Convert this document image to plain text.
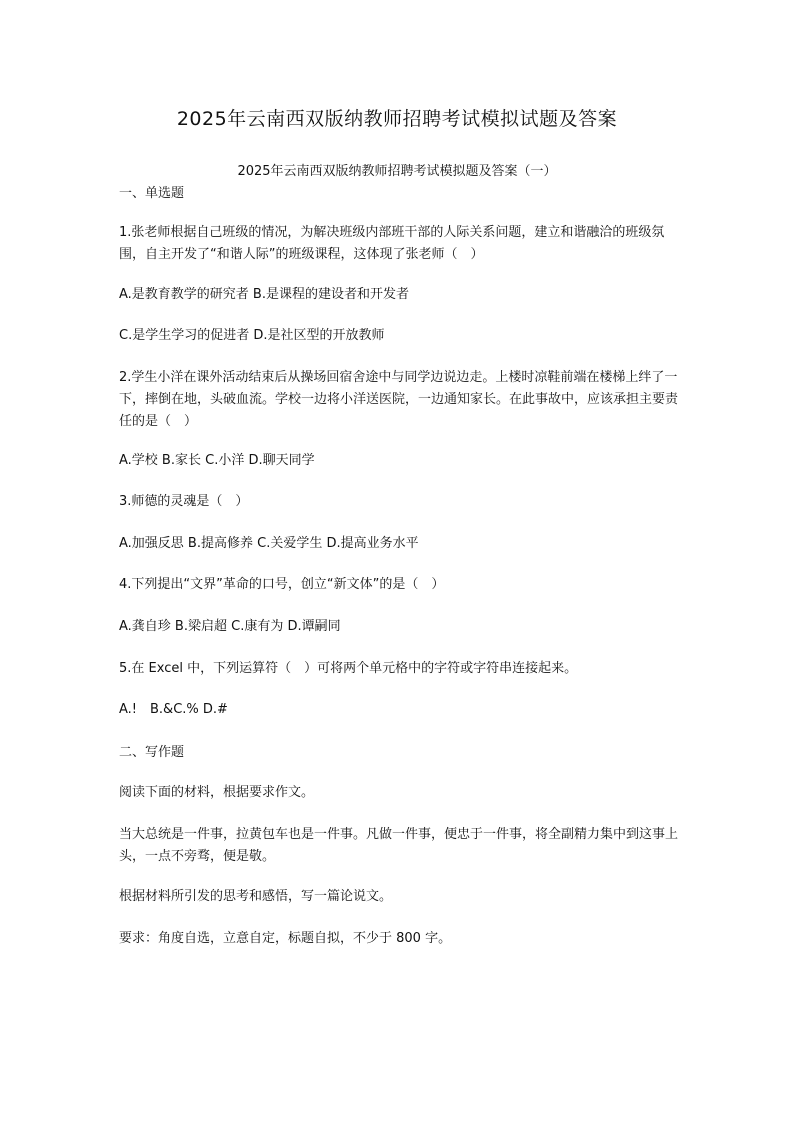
2025年云南西双版纳教师招聘考试模拟试题及答案
2025年云南西双版纳教师招聘考试模拟题及答案（一）
一、单选题
1.张老师根据自己班级的情况，为解决班级内部班干部的人际关系问题，建立和谐融洽的班级氛围，自主开发了“和谐人际”的班级课程，这体现了张老师（　）
A.是教育教学的研究者 B.是课程的建设者和开发者
C.是学生学习的促进者 D.是社区型的开放教师
2.学生小洋在课外活动结束后从操场回宿舍途中与同学边说边走。上楼时凉鞋前端在楼梯上绊了一下，摔倒在地，头破血流。学校一边将小洋送医院，一边通知家长。在此事故中，应该承担主要责任的是（　）
A.学校 B.家长 C.小洋 D.聊天同学
3.师德的灵魂是（　）
A.加强反思 B.提高修养 C.关爱学生 D.提高业务水平
4.下列提出“文界”革命的口号，创立“新文体”的是（　）
A.龚自珍 B.梁启超 C.康有为 D.谭嗣同
5.在 Excel 中，下列运算符（　）可将两个单元格中的字符或字符串连接起来。
A.!　B.&C.% D.#
二、写作题
阅读下面的材料，根据要求作文。
当大总统是一件事，拉黄包车也是一件事。凡做一件事，便忠于一件事，将全副精力集中到这事上头，一点不旁骛，便是敬。
根据材料所引发的思考和感悟，写一篇论说文。
要求：角度自选，立意自定，标题自拟，不少于 800 字。
